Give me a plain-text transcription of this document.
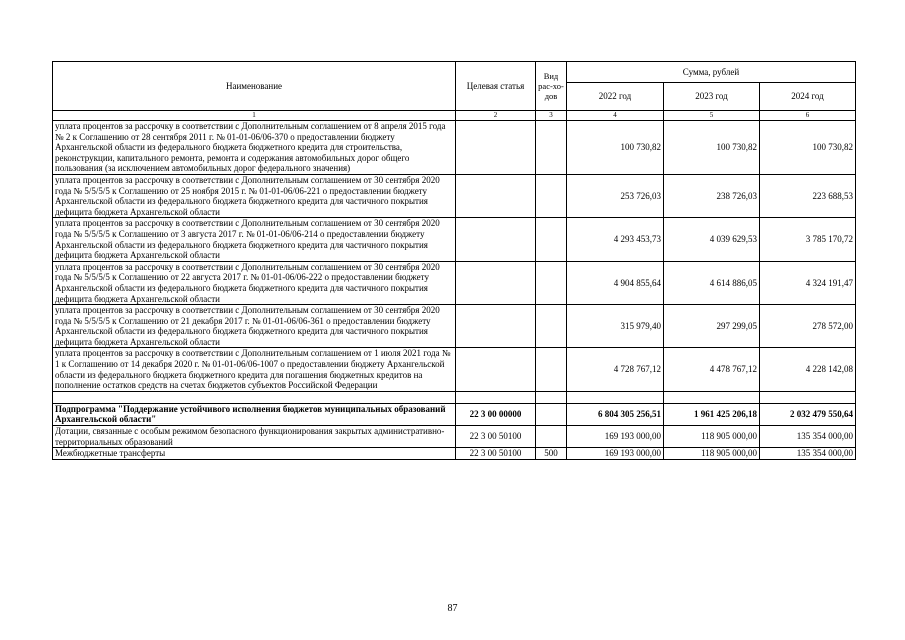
Наименование	Целевая статья	Вид рас-хо-дов	Сумма, рублей		
			2022 год	2023 год	2024 год
1	2	3	4	5	6
уплата процентов за рассрочку в соответствии с Дополнительным соглашением от 8 апреля 2015 года № 2 к Соглашению от 28 сентября 2011 г. № 01-01-06/06-370 о предоставлении бюджету Архангельской области из федерального бюджета бюджетного кредита для строительства, реконструкции, капитального ремонта, ремонта и содержания автомобильных дорог общего пользования (за исключением автомобильных дорог федерального значения)			100 730,82	100 730,82	100 730,82
уплата процентов за рассрочку в соответствии с Дополнительным соглашением от 30 сентября 2020 года № 5/5/5/5 к Соглашению от 25 ноября 2015 г. № 01-01-06/06-221 о предоставлении бюджету Архангельской области из федерального бюджета бюджетного кредита для частичного покрытия дефицита бюджета Архангельской области			253 726,03	238 726,03	223 688,53
уплата процентов за рассрочку в соответствии с Дополнительным соглашением от 30 сентября 2020 года № 5/5/5/5 к Соглашению от 3 августа 2017 г. № 01-01-06/06-214 о предоставлении бюджету Архангельской области из федерального бюджета бюджетного кредита для частичного покрытия дефицита бюджета Архангельской области			4 293 453,73	4 039 629,53	3 785 170,72
уплата процентов за рассрочку в соответствии с Дополнительным соглашением от 30 сентября 2020 года № 5/5/5/5 к Соглашению от 22 августа 2017 г. № 01-01-06/06-222 о предоставлении бюджету Архангельской области из федерального бюджета бюджетного кредита для частичного покрытия дефицита бюджета Архангельской области			4 904 855,64	4 614 886,05	4 324 191,47
уплата процентов за рассрочку в соответствии с Дополнительным соглашением от 30 сентября 2020 года № 5/5/5/5 к Соглашению от 21 декабря 2017 г. № 01-01-06/06-361 о предоставлении бюджету Архангельской области из федерального бюджета бюджетного кредита для частичного покрытия дефицита бюджета Архангельской области			315 979,40	297 299,05	278 572,00
уплата процентов за рассрочку в соответствии с Дополнительным соглашением от 1 июля 2021 года № 1 к Соглашению от 14 декабря 2020 г. № 01-01-06/06-1007 о предоставлении бюджету Архангельской области из федерального бюджета бюджетного кредита для погашения бюджетных кредитов на пополнение остатков средств на счетах бюджетов субъектов Российской Федерации			4 728 767,12	4 478 767,12	4 228 142,08

Подпрограмма "Поддержание устойчивого исполнения бюджетов муниципальных образований Архангельской области"	22 3 00 00000		6 804 305 256,51	1 961 425 206,18	2 032 479 550,64
Дотации, связанные с особым режимом безопасного функционирования закрытых административно-территориальных образований	22 3 00 50100		169 193 000,00	118 905 000,00	135 354 000,00
Межбюджетные трансферты	22 3 00 50100	500	169 193 000,00	118 905 000,00	135 354 000,00
87
